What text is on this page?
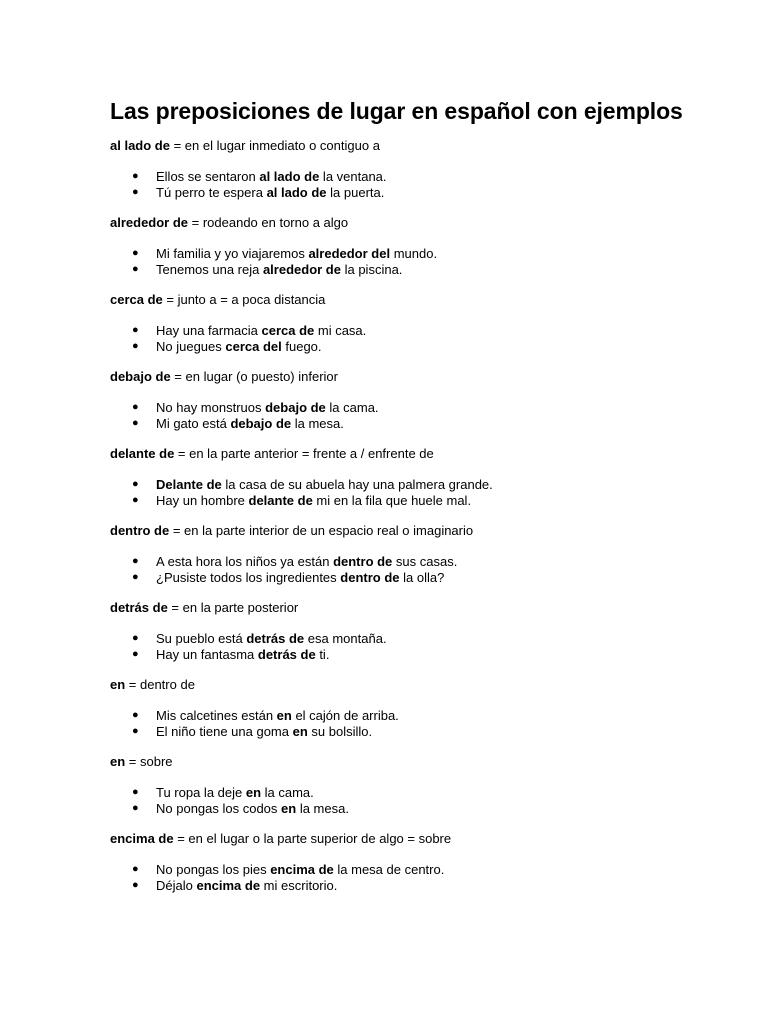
Las preposiciones de lugar en español con ejemplos

al lado de = en el lugar inmediato o contiguo a

● Ellos se sentaron al lado de la ventana.
● Tú perro te espera al lado de la puerta.

alrededor de = rodeando en torno a algo

● Mi familia y yo viajaremos alrededor del mundo.
● Tenemos una reja alrededor de la piscina.

cerca de = junto a = a poca distancia

● Hay una farmacia cerca de mi casa.
● No juegues cerca del fuego.

debajo de = en lugar (o puesto) inferior

● No hay monstruos debajo de la cama.
● Mi gato está debajo de la mesa.

delante de = en la parte anterior = frente a / enfrente de

● Delante de la casa de su abuela hay una palmera grande.
● Hay un hombre delante de mi en la fila que huele mal.

dentro de = en la parte interior de un espacio real o imaginario

● A esta hora los niños ya están dentro de sus casas.
● ¿Pusiste todos los ingredientes dentro de la olla?

detrás de = en la parte posterior

● Su pueblo está detrás de esa montaña.
● Hay un fantasma detrás de ti.

en = dentro de

● Mis calcetines están en el cajón de arriba.
● El niño tiene una goma en su bolsillo.

en = sobre

● Tu ropa la deje en la cama.
● No pongas los codos en la mesa.

encima de = en el lugar o la parte superior de algo = sobre

● No pongas los pies encima de la mesa de centro.
● Déjalo encima de mi escritorio.
